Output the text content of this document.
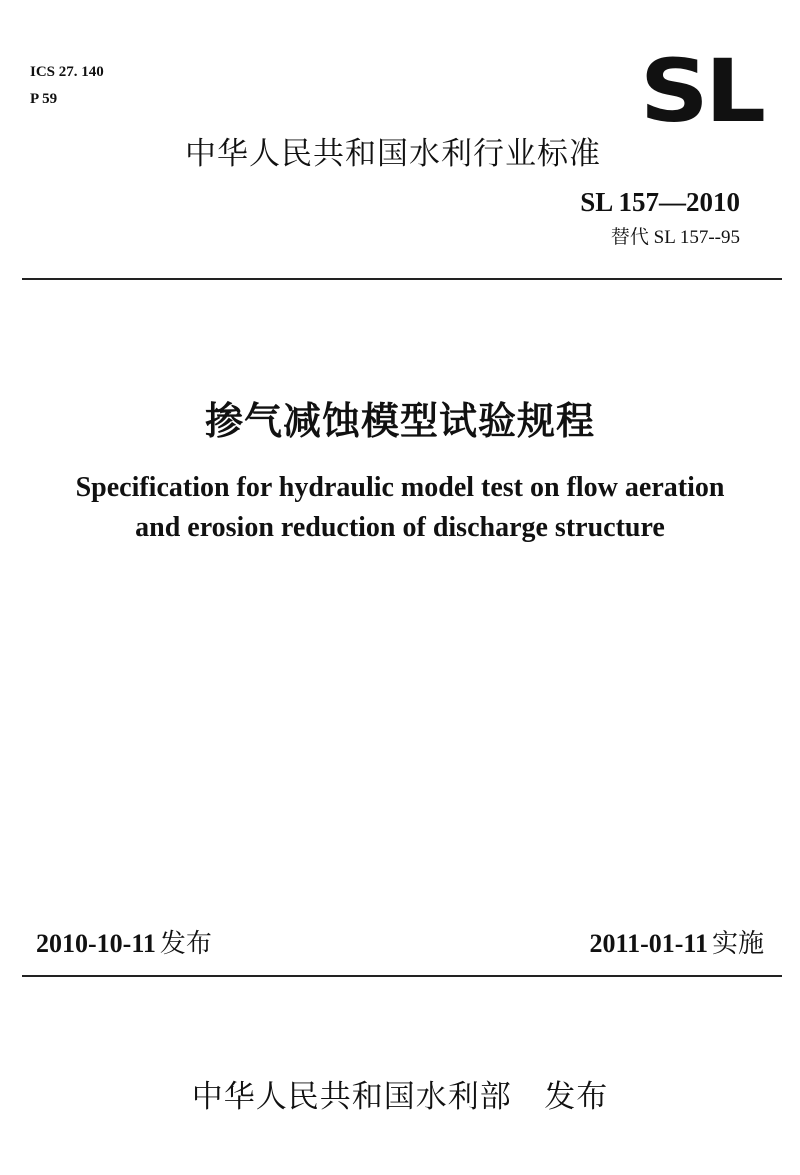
ICS 27. 140
P 59	SL
中华人民共和国水利行业标准
SL 157—2010
替代 SL 157--95
掺气减蚀模型试验规程
Specification for hydraulic model test on flow aeration
and erosion reduction of discharge structure
2010-10-11 发布	2011-01-11 实施
中华人民共和国水利部 发布
